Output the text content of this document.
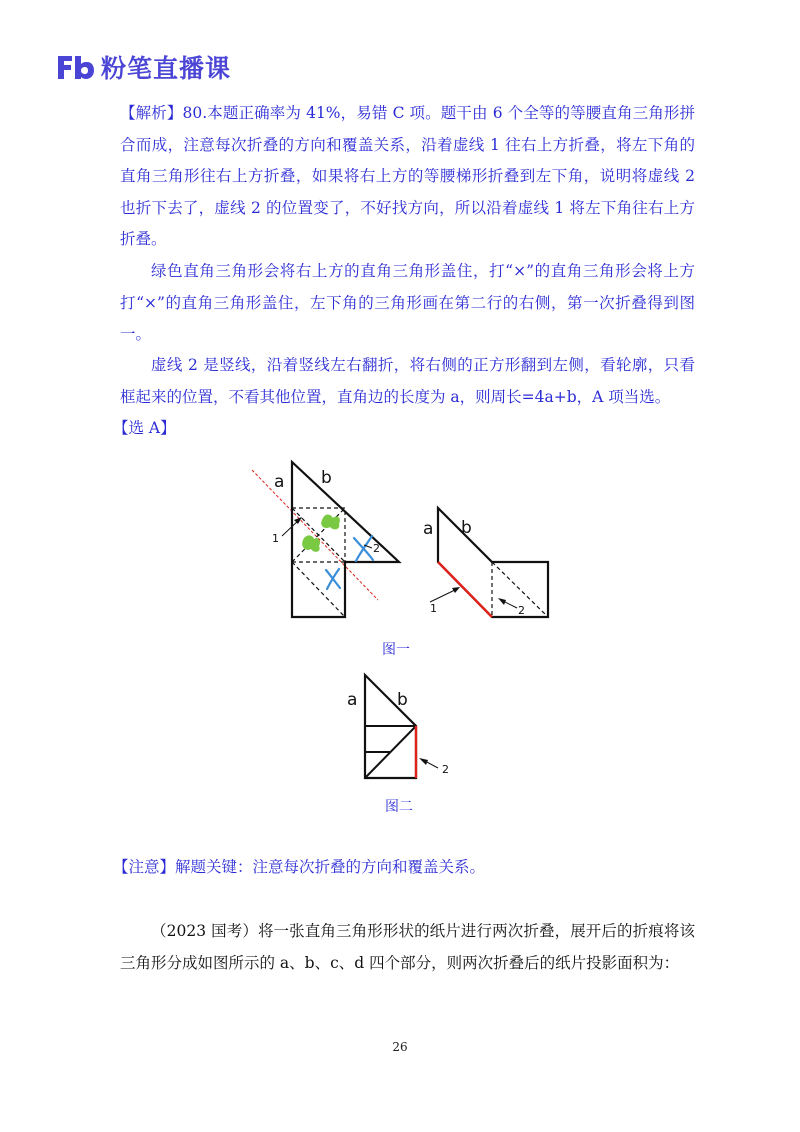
粉笔直播课

【解析】80.本题正确率为 41%，易错 C 项。题干由 6 个全等的等腰直角三角形拼合而成，注意每次折叠的方向和覆盖关系，沿着虚线 1 往右上方折叠，将左下角的直角三角形往右上方折叠，如果将右上方的等腰梯形折叠到左下角，说明将虚线 2 也折下去了，虚线 2 的位置变了，不好找方向，所以沿着虚线 1 将左下角往右上方折叠。

绿色直角三角形会将右上方的直角三角形盖住，打“×”的直角三角形会将上方打“×”的直角三角形盖住，左下角的三角形画在第二行的右侧，第一次折叠得到图一。

虚线 2 是竖线，沿着竖线左右翻折，将右侧的正方形翻到左侧，看轮廓，只看框起来的位置，不看其他位置，直角边的长度为 a，则周长=4a+b，A 项当选。

【选 A】

a b
1
2
a b
1	2
图一
a b
2
图二

【注意】解题关键：注意每次折叠的方向和覆盖关系。

（2023 国考）将一张直角三角形形状的纸片进行两次折叠，展开后的折痕将该三角形分成如图所示的 a、b、c、d 四个部分，则两次折叠后的纸片投影面积为：

26
